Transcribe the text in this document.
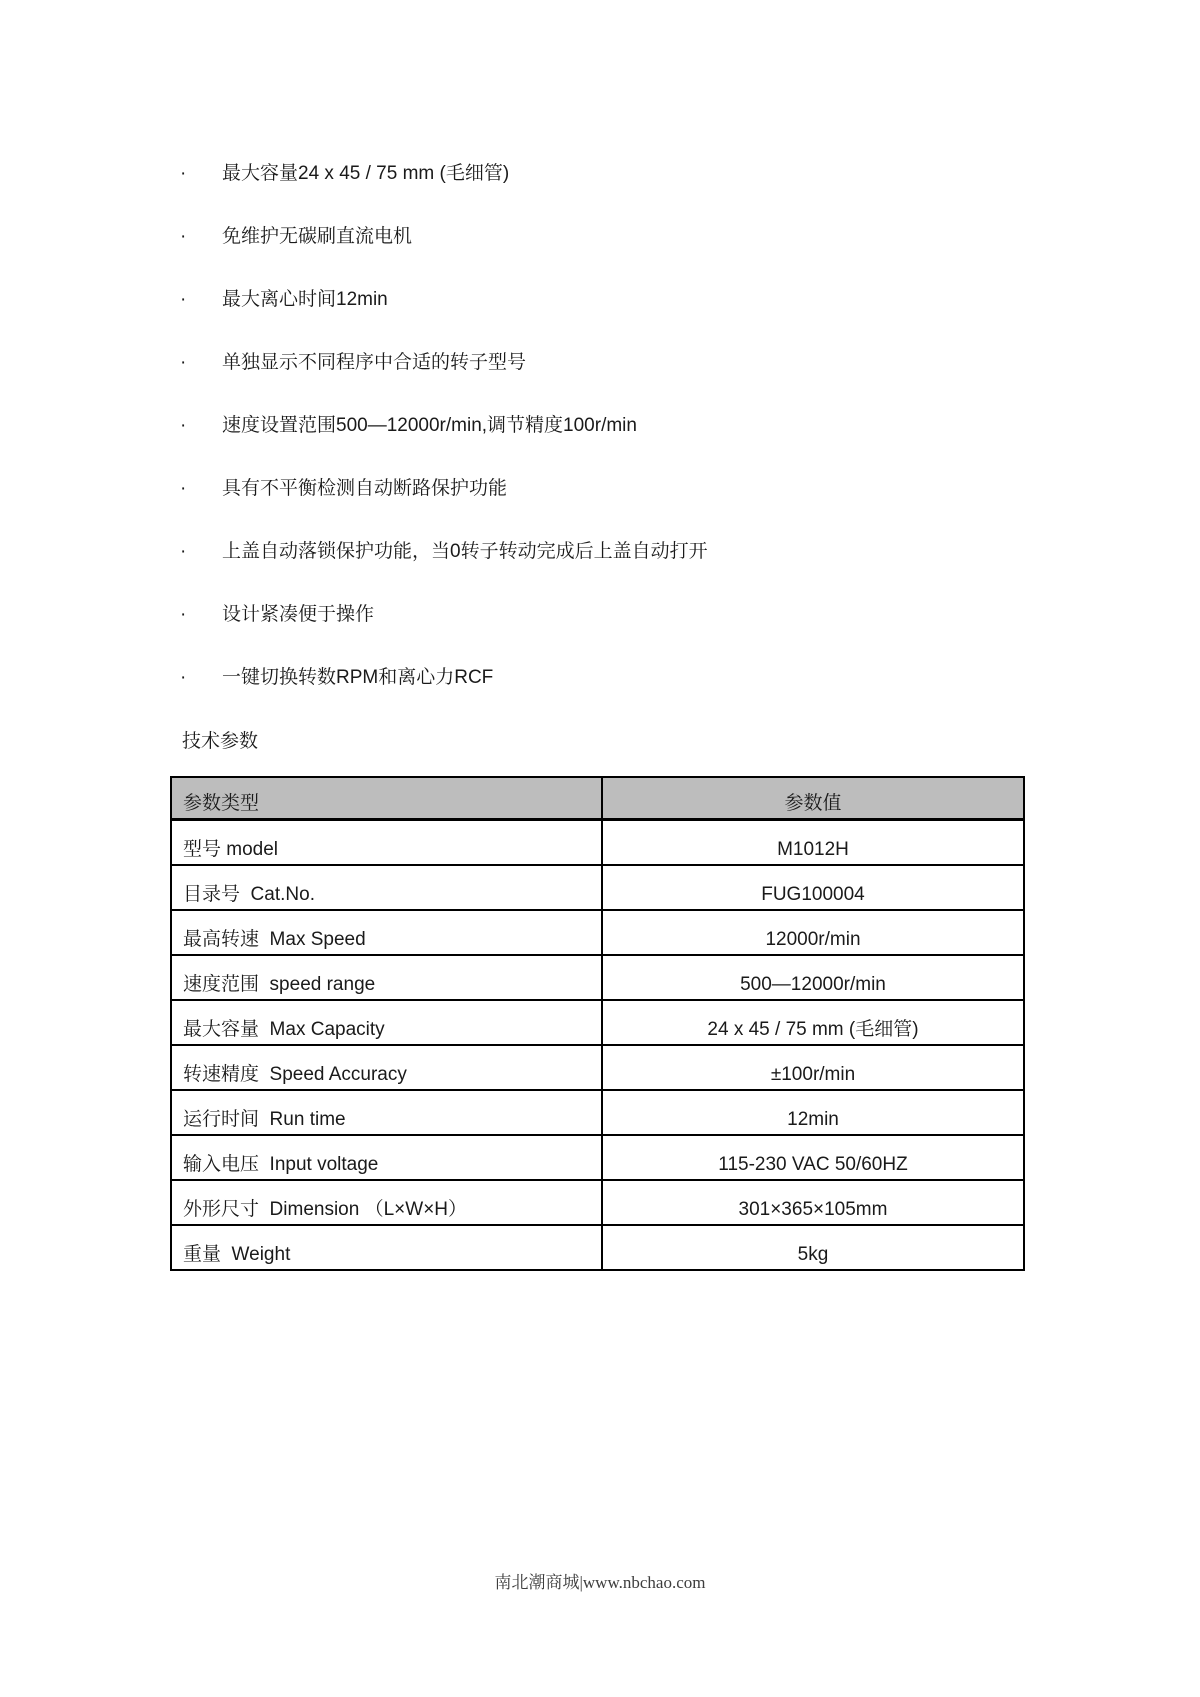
·	最大容量24 x 45 / 75 mm (毛细管)
·	免维护无碳刷直流电机
·	最大离心时间12min
·	单独显示不同程序中合适的转子型号
·	速度设置范围500—12000r/min,调节精度100r/min
·	具有不平衡检测自动断路保护功能
·	上盖自动落锁保护功能，当0转子转动完成后上盖自动打开
·	设计紧凑便于操作
·	一键切换转数RPM和离心力RCF
技术参数
参数类型	参数值
型号 model	M1012H
目录号  Cat.No.	FUG100004
最高转速  Max Speed	12000r/min
速度范围  speed range	500—12000r/min
最大容量  Max Capacity	24 x 45 / 75 mm (毛细管)
转速精度  Speed Accuracy	±100r/min
运行时间  Run time	12min
输入电压  Input voltage	115-230 VAC 50/60HZ
外形尺寸  Dimension （L×W×H）	301×365×105mm
重量  Weight	5kg
南北潮商城|www.nbchao.com
